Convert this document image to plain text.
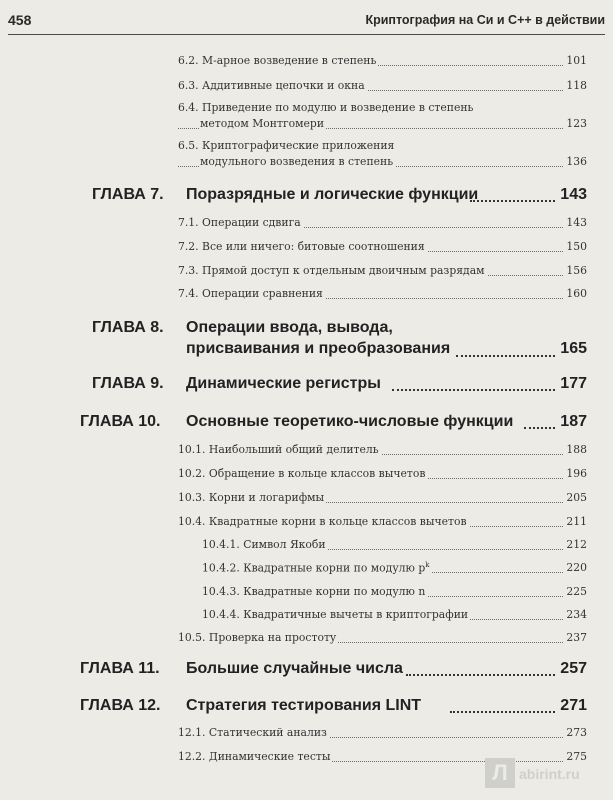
458	Криптография на Си и C++ в действии
6.2. М-арное возведение в степень	101
6.3. Аддитивные цепочки и окна	118
6.4. Приведение по модулю и возведение в степень
методом Монтгомери	123
6.5. Криптографические приложения
модульного возведения в степень	136
ГЛАВА 7. Поразрядные и логические функции	143
7.1. Операции сдвига	143
7.2. Все или ничего: битовые соотношения	150
7.3. Прямой доступ к отдельным двоичным разрядам	156
7.4. Операции сравнения	160
ГЛАВА 8. Операции ввода, вывода,
присваивания и преобразования	165
ГЛАВА 9. Динамические регистры	177
ГЛАВА 10. Основные теоретико-числовые функции	187
10.1. Наибольший общий делитель	188
10.2. Обращение в кольце классов вычетов	196
10.3. Корни и логарифмы	205
10.4. Квадратные корни в кольце классов вычетов	211
10.4.1. Символ Якоби	212
10.4.2. Квадратные корни по модулю $p^k$	220
10.4.3. Квадратные корни по модулю n	225
10.4.4. Квадратичные вычеты в криптографии	234
10.5. Проверка на простоту	237
ГЛАВА 11. Большие случайные числа	257
ГЛАВА 12. Стратегия тестирования LINT	271
12.1. Статический анализ	273
12.2. Динамические тесты	275
Л abirint.ru
